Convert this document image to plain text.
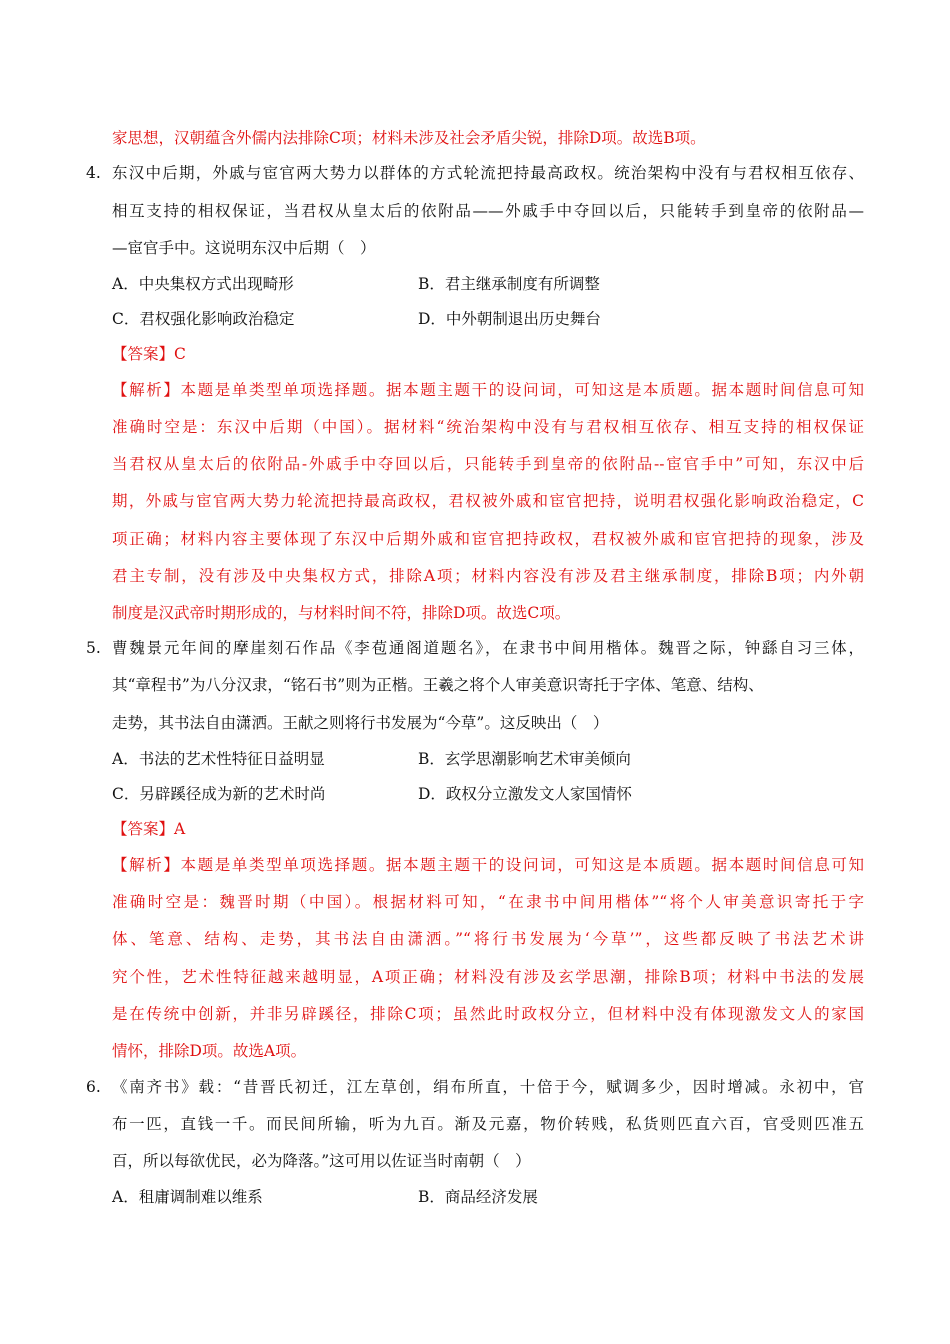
家思想，汉朝蕴含外儒内法排除C项；材料未涉及社会矛盾尖锐，排除D项。故选B项。
4. 东汉中后期，外戚与宦官两大势力以群体的方式轮流把持最高政权。统治架构中没有与君权相互依存、
相互支持的相权保证，当君权从皇太后的依附品——外戚手中夺回以后，只能转手到皇帝的依附品—
—宦官手中。这说明东汉中后期（　）
A．中央集权方式出现畸形	B．君主继承制度有所调整
C．君权强化影响政治稳定	D．中外朝制退出历史舞台
【答案】C
【解析】本题是单类型单项选择题。据本题主题干的设问词，可知这是本质题。据本题时间信息可知
准确时空是：东汉中后期（中国）。据材料“统治架构中没有与君权相互依存、相互支持的相权保证
当君权从皇太后的依附品-外戚手中夺回以后，只能转手到皇帝的依附品--宦官手中”可知，东汉中后
期，外戚与宦官两大势力轮流把持最高政权，君权被外戚和宦官把持，说明君权强化影响政治稳定，C
项正确；材料内容主要体现了东汉中后期外戚和宦官把持政权，君权被外戚和宦官把持的现象，涉及
君主专制，没有涉及中央集权方式，排除A项；材料内容没有涉及君主继承制度，排除B项；内外朝
制度是汉武帝时期形成的，与材料时间不符，排除D项。故选C项。
5. 曹魏景元年间的摩崖刻石作品《李苞通阁道题名》，在隶书中间用楷体。魏晋之际，钟繇自习三体，
其“章程书”为八分汉隶，“铭石书”则为正楷。王羲之将个人审美意识寄托于字体、笔意、结构、
走势，其书法自由潇洒。王献之则将行书发展为“今草”。这反映出（　）
A．书法的艺术性特征日益明显	B．玄学思潮影响艺术审美倾向
C．另辟蹊径成为新的艺术时尚	D．政权分立激发文人家国情怀
【答案】A
【解析】本题是单类型单项选择题。据本题主题干的设问词，可知这是本质题。据本题时间信息可知
准确时空是：魏晋时期（中国）。根据材料可知，“在隶书中间用楷体”“将个人审美意识寄托于字
体、笔意、结构、走势，其书法自由潇洒。”“将行书发展为‘今草’”，这些都反映了书法艺术讲
究个性，艺术性特征越来越明显，A项正确；材料没有涉及玄学思潮，排除B项；材料中书法的发展
是在传统中创新，并非另辟蹊径，排除C项；虽然此时政权分立，但材料中没有体现激发文人的家国
情怀，排除D项。故选A项。
6. 《南齐书》载：“昔晋氏初迁，江左草创，绢布所直，十倍于今，赋调多少，因时增减。永初中，官
布一匹，直钱一千。而民间所输，听为九百。渐及元嘉，物价转贱，私货则匹直六百，官受则匹准五
百，所以每欲优民，必为降落。”这可用以佐证当时南朝（　）
A．租庸调制难以维系	B．商品经济发展
